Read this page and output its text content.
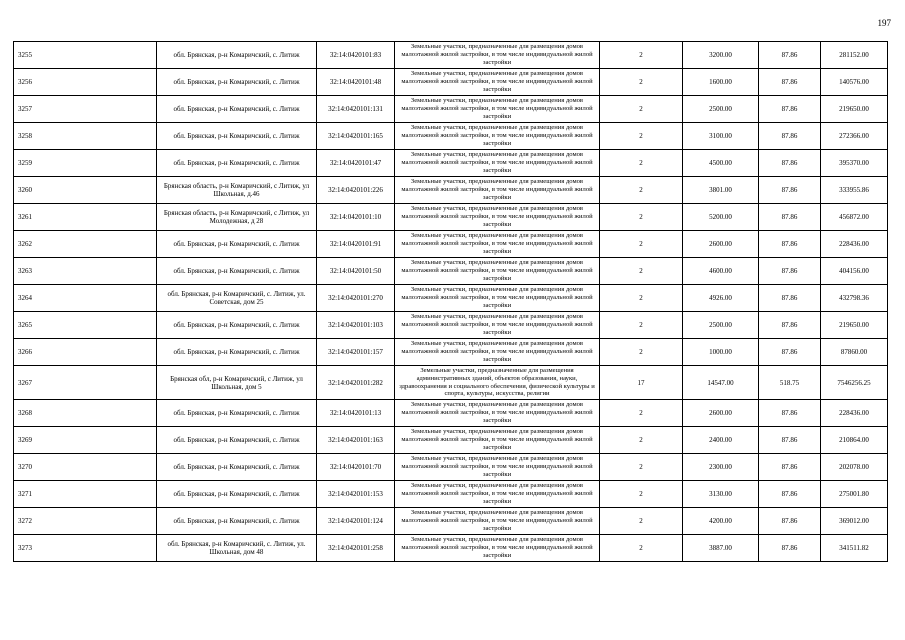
197
3255	обл. Брянская, р-н Комаричский, с. Литиж	32:14:0420101:83	Земельные участки, предназначенные для размещения домов малоэтажной жилой застройки, в том числе индивидуальной жилой застройки	2	3200.00	87.86	281152.00
3256	обл. Брянская, р-н Комаричский, с. Литиж	32:14:0420101:48	Земельные участки, предназначенные для размещения домов малоэтажной жилой застройки, в том числе индивидуальной жилой застройки	2	1600.00	87.86	140576.00
3257	обл. Брянская, р-н Комаричский, с. Литиж	32:14:0420101:131	Земельные участки, предназначенные для размещения домов малоэтажной жилой застройки, в том числе индивидуальной жилой застройки	2	2500.00	87.86	219650.00
3258	обл. Брянская, р-н Комаричский, с. Литиж	32:14:0420101:165	Земельные участки, предназначенные для размещения домов малоэтажной жилой застройки, в том числе индивидуальной жилой застройки	2	3100.00	87.86	272366.00
3259	обл. Брянская, р-н Комаричский, с. Литиж	32:14:0420101:47	Земельные участки, предназначенные для размещения домов малоэтажной жилой застройки, в том числе индивидуальной жилой застройки	2	4500.00	87.86	395370.00
3260	Брянская область, р-н Комаричский, с Литиж, ул Школьная, д.46	32:14:0420101:226	Земельные участки, предназначенные для размещения домов малоэтажной жилой застройки, в том числе индивидуальной жилой застройки	2	3801.00	87.86	333955.86
3261	Брянская область, р-н Комаричский, с Литиж, ул Молодежная, д 28	32:14:0420101:10	Земельные участки, предназначенные для размещения домов малоэтажной жилой застройки, в том числе индивидуальной жилой застройки	2	5200.00	87.86	456872.00
3262	обл. Брянская, р-н Комаричский, с. Литиж	32:14:0420101:91	Земельные участки, предназначенные для размещения домов малоэтажной жилой застройки, в том числе индивидуальной жилой застройки	2	2600.00	87.86	228436.00
3263	обл. Брянская, р-н Комаричский, с. Литиж	32:14:0420101:50	Земельные участки, предназначенные для размещения домов малоэтажной жилой застройки, в том числе индивидуальной жилой застройки	2	4600.00	87.86	404156.00
3264	обл. Брянская, р-н Комаричский, с. Литиж, ул. Советская, дом 25	32:14:0420101:270	Земельные участки, предназначенные для размещения домов малоэтажной жилой застройки, в том числе индивидуальной жилой застройки	2	4926.00	87.86	432798.36
3265	обл. Брянская, р-н Комаричский, с. Литиж	32:14:0420101:103	Земельные участки, предназначенные для размещения домов малоэтажной жилой застройки, в том числе индивидуальной жилой застройки	2	2500.00	87.86	219650.00
3266	обл. Брянская, р-н Комаричский, с. Литиж	32:14:0420101:157	Земельные участки, предназначенные для размещения домов малоэтажной жилой застройки, в том числе индивидуальной жилой застройки	2	1000.00	87.86	87860.00
3267	Брянская обл, р-н Комаричский, с Литиж, ул Школьная, дом 5	32:14:0420101:282	Земельные участки, предназначенные для размещения административных зданий, объектов образования, науки, здравоохранения и социального обеспечения, физической культуры и спорта, культуры, искусства, религии	17	14547.00	518.75	7546256.25
3268	обл. Брянская, р-н Комаричский, с. Литиж	32:14:0420101:13	Земельные участки, предназначенные для размещения домов малоэтажной жилой застройки, в том числе индивидуальной жилой застройки	2	2600.00	87.86	228436.00
3269	обл. Брянская, р-н Комаричский, с. Литиж	32:14:0420101:163	Земельные участки, предназначенные для размещения домов малоэтажной жилой застройки, в том числе индивидуальной жилой застройки	2	2400.00	87.86	210864.00
3270	обл. Брянская, р-н Комаричский, с. Литиж	32:14:0420101:70	Земельные участки, предназначенные для размещения домов малоэтажной жилой застройки, в том числе индивидуальной жилой застройки	2	2300.00	87.86	202078.00
3271	обл. Брянская, р-н Комаричский, с. Литиж	32:14:0420101:153	Земельные участки, предназначенные для размещения домов малоэтажной жилой застройки, в том числе индивидуальной жилой застройки	2	3130.00	87.86	275001.80
3272	обл. Брянская, р-н Комаричский, с. Литиж	32:14:0420101:124	Земельные участки, предназначенные для размещения домов малоэтажной жилой застройки, в том числе индивидуальной жилой застройки	2	4200.00	87.86	369012.00
3273	обл. Брянская, р-н Комаричский, с. Литиж, ул. Школьная, дом 48	32:14:0420101:258	Земельные участки, предназначенные для размещения домов малоэтажной жилой застройки, в том числе индивидуальной жилой застройки	2	3887.00	87.86	341511.82
